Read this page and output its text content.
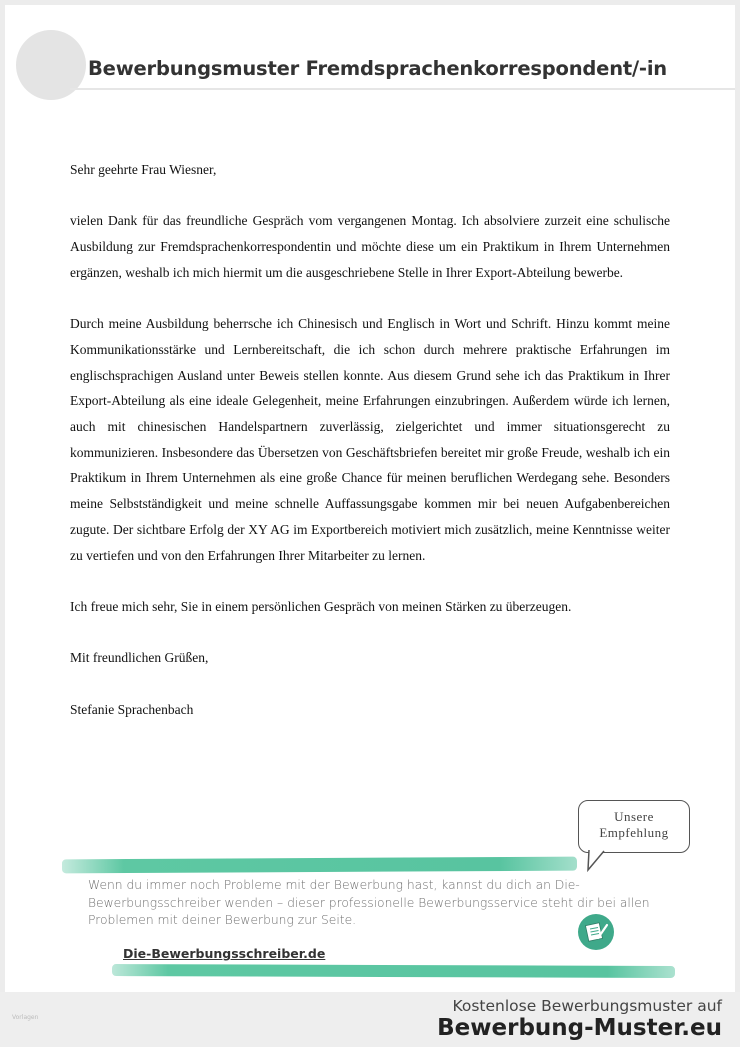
Bewerbungsmuster Fremdsprachenkorrespondent/-in

Sehr geehrte Frau Wiesner,

vielen Dank für das freundliche Gespräch vom vergangenen Montag. Ich absolviere zurzeit eine schulische Ausbildung zur Fremdsprachenkorrespondentin und möchte diese um ein Praktikum in Ihrem Unternehmen ergänzen, weshalb ich mich hiermit um die ausgeschriebene Stelle in Ihrer Export-Abteilung bewerbe.

Durch meine Ausbildung beherrsche ich Chinesisch und Englisch in Wort und Schrift. Hinzu kommt meine Kommunikationsstärke und Lernbereitschaft, die ich schon durch mehrere praktische Erfahrungen im englischsprachigen Ausland unter Beweis stellen konnte. Aus diesem Grund sehe ich das Praktikum in Ihrer Export-Abteilung als eine ideale Gelegenheit, meine Erfahrungen einzubringen. Außerdem würde ich lernen, auch mit chinesischen Handelspartnern zuverlässig, zielgerichtet und immer situationsgerecht zu kommunizieren. Insbesondere das Übersetzen von Geschäftsbriefen bereitet mir große Freude, weshalb ich ein Praktikum in Ihrem Unternehmen als eine große Chance für meinen beruflichen Werdegang sehe. Besonders meine Selbstständigkeit und meine schnelle Auffassungsgabe kommen mir bei neuen Aufgabenbereichen zugute. Der sichtbare Erfolg der XY AG im Exportbereich motiviert mich zusätzlich, meine Kenntnisse weiter zu vertiefen und von den Erfahrungen Ihrer Mitarbeiter zu lernen.

Ich freue mich sehr, Sie in einem persönlichen Gespräch von meinen Stärken zu überzeugen.

Mit freundlichen Grüßen,

Stefanie Sprachenbach

Unsere
Empfehlung
Wenn du immer noch Probleme mit der Bewerbung hast, kannst du dich an Die-Bewerbungsschreiber wenden – dieser professionelle Bewerbungsservice steht dir bei allen Problemen mit deiner Bewerbung zur Seite.
Die-Bewerbungsschreiber.de
Vorlagen
Kostenlose Bewerbungsmuster auf
Bewerbung-Muster.eu
